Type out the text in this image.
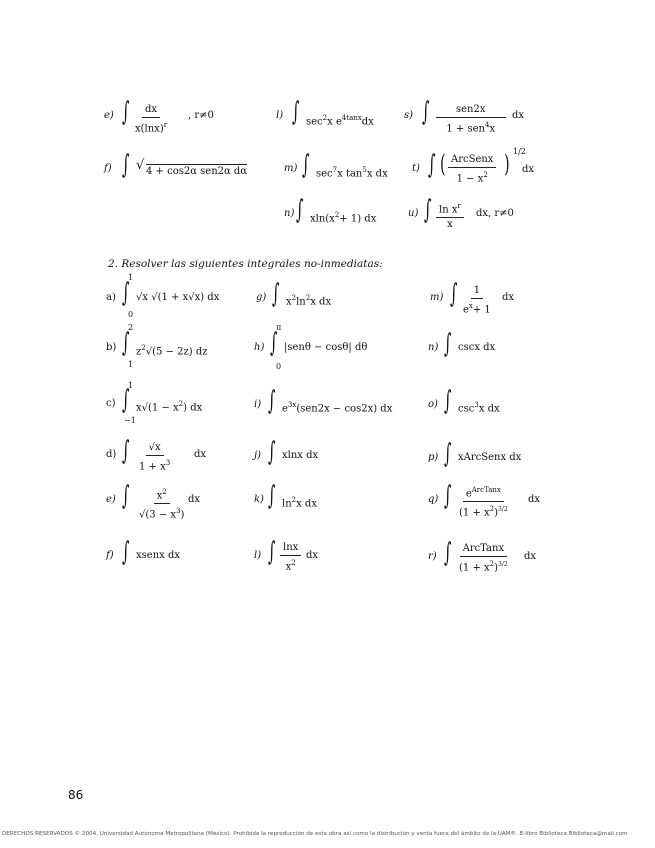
e) ∫ $\frac{dx}{x(\ln x)^r}$ , r≠0	l) ∫ $\sec^2x$ $e^{4tanx}dx$
s) ∫	sen2x
1 + sen$^4$x
dx
f) ∫ √ 4 + cos2α sen2α dα	m) ∫ $\sec^7x$ $\tan^5x$ dx t) ∫ ( ArcSenx
$1 - x^2$ ) 1/2
dx
n) ∫ $xln(x^2+ 1)$ dx	u) ∫ $\frac{\ln x^r}{x}$ dx, r≠0
2. Resolver las siguientes integrales no-inmediatas:
a)
1
∫
0
√x √(1 + x√x) dx
b)
2
∫
1
$z^2√(5 - 2z)$ dz
c)
1
∫
−1
$x√(1 - x^2)$ dx
d) ∫ $\frac{√x}{1 + x^3}$ dx
e) ∫ $\frac{x^2}{√(3 - x^3)}$ dx
f) ∫ xsenx dx
g) ∫ $x^2\ln^2x$ dx
h)
π
∫
0
|senθ − cosθ| dθ
i) ∫ $e^{3x}(sen2x - \cos 2x)$ dx
j) ∫ xlnx dx
k) ∫ $\ln^2x$ dx
l) ∫ $\frac{\ln x}{x^2}$ dx
m) ∫ $\frac{1}{e^x+ 1}$ dx
n) ∫ cscx dx
o) ∫ $\csc^3x$ dx
p) ∫ xArcSenx dx
q) ∫	$e^{ArcTanx}$
$(1 + x^2)^{3/2}$
dx
r) ∫	ArcTanx
$(1 + x^2)^{3/2}$
dx
86
DERECHOS RESERVADOS © 2004, Universidad Autónoma Metropolitana (México). Prohibida la reproducción de esta obra así como la distribución y venta fuera del ámbito de la UAM®. E-libro Biblioteca Biblioteca@mail.com
